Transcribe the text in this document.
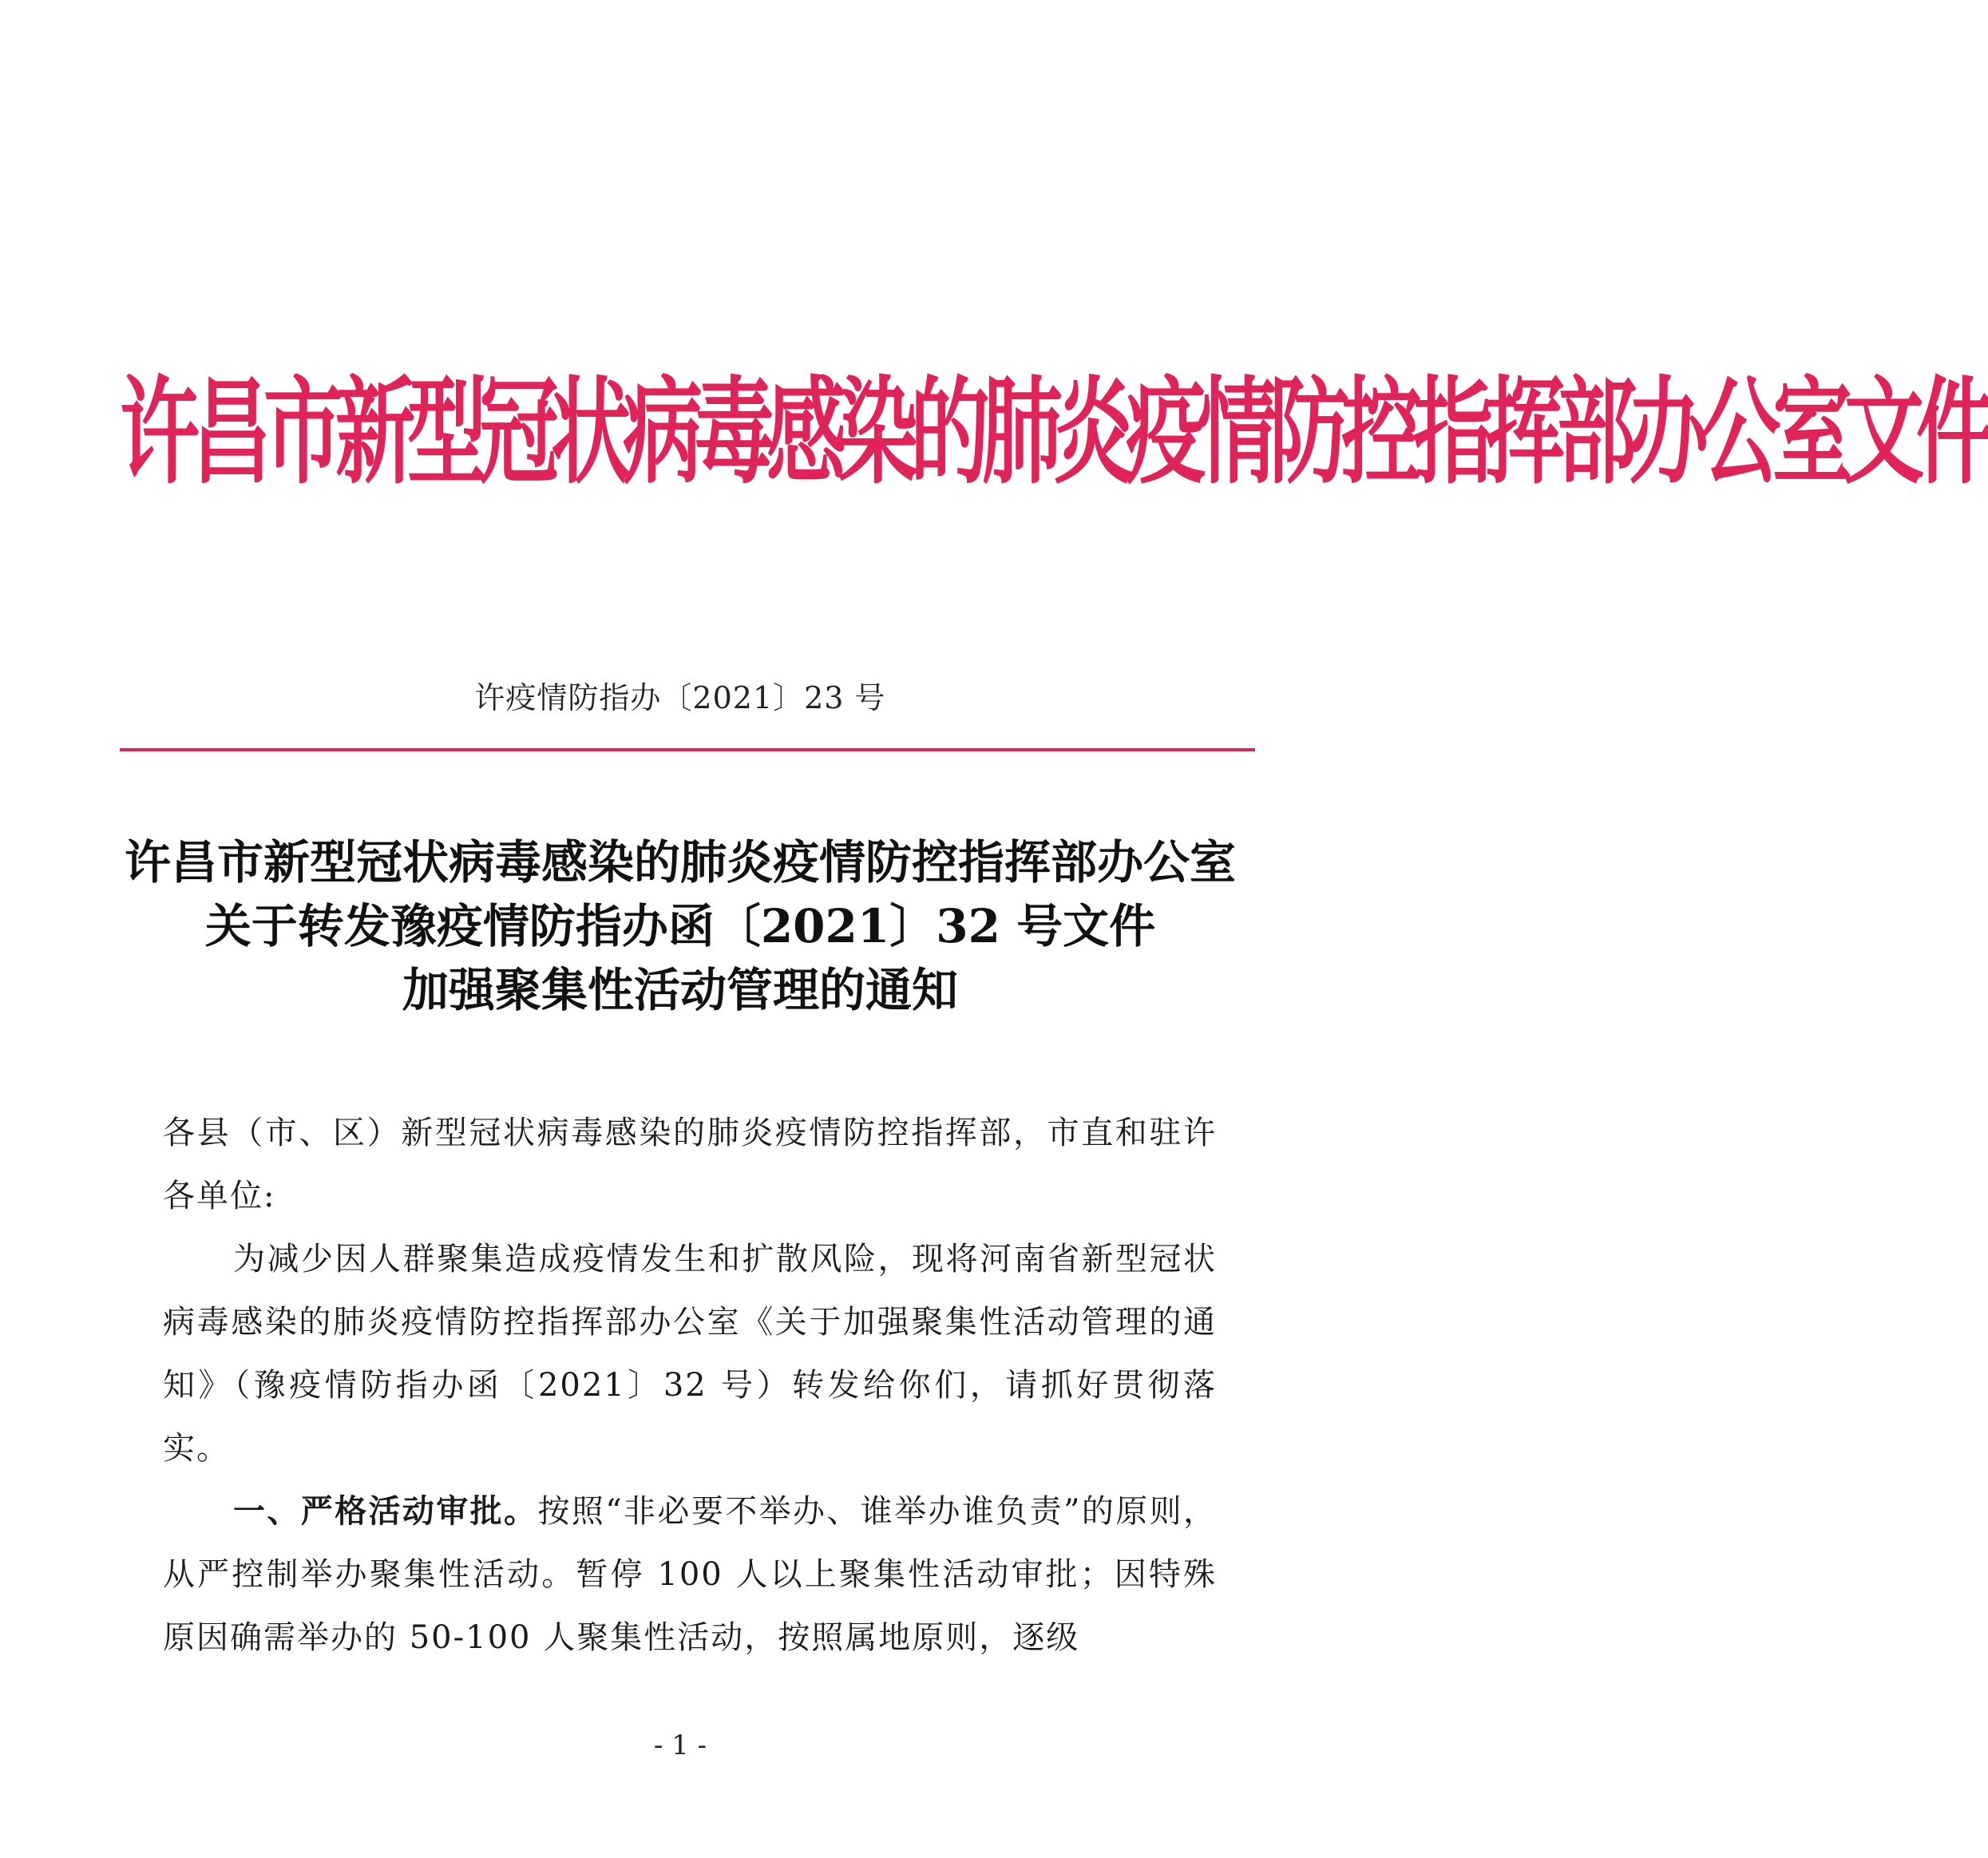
许昌市新型冠状病毒感染的肺炎疫情防控指挥部办公室文件
许疫情防指办〔2021〕23 号
许昌市新型冠状病毒感染的肺炎疫情防控指挥部办公室
关于转发豫疫情防指办函〔2021〕32 号文件
加强聚集性活动管理的通知

各县（市、区）新型冠状病毒感染的肺炎疫情防控指挥部，市直和驻许各单位:

为减少因人群聚集造成疫情发生和扩散风险，现将河南省新型冠状病毒感染的肺炎疫情防控指挥部办公室《关于加强聚集性活动管理的通知》（豫疫情防指办函〔2021〕32 号）转发给你们，请抓好贯彻落实。

一、严格活动审批。按照“非必要不举办、谁举办谁负责”的原则，从严控制举办聚集性活动。暂停 100 人以上聚集性活动审批；因特殊原因确需举办的 50-100 人聚集性活动，按照属地原则，逐级

- 1 -
